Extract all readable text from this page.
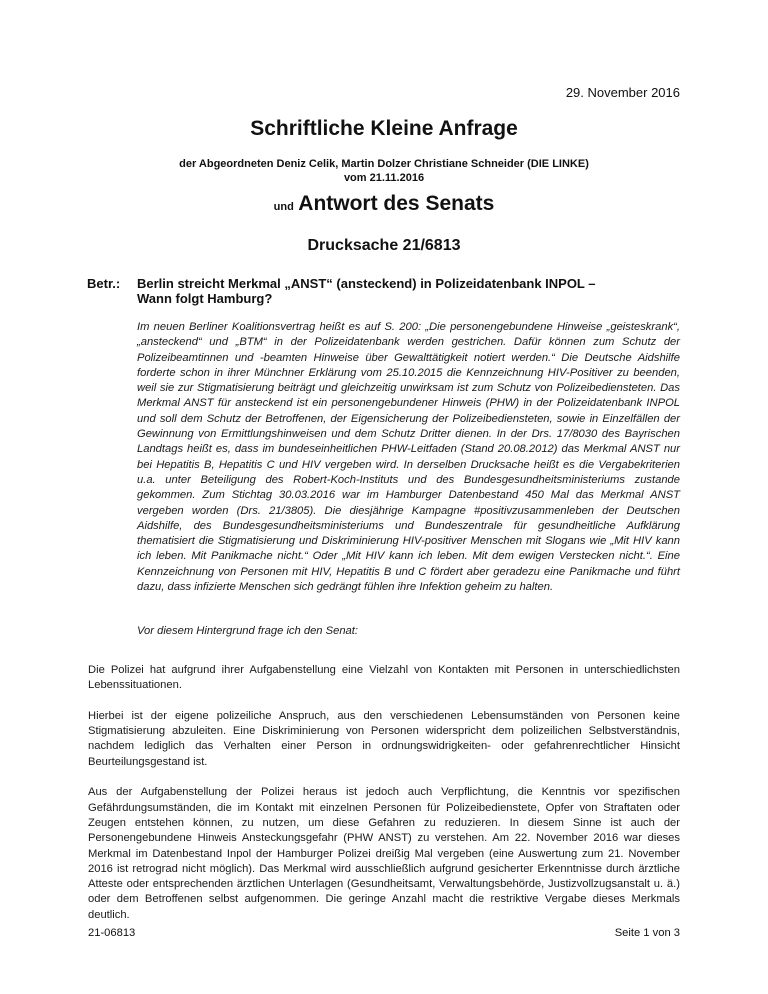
29. November 2016
Schriftliche Kleine Anfrage
der Abgeordneten Deniz Celik, Martin Dolzer Christiane Schneider (DIE LINKE)
vom 21.11.2016
und Antwort des Senats
Drucksache 21/6813
Betr.: Berlin streicht Merkmal „ANST“ (ansteckend) in Polizeidatenbank INPOL –
Wann folgt Hamburg?

Im neuen Berliner Koalitionsvertrag heißt es auf S. 200: „Die personengebundene Hinweise „geisteskrank“, „ansteckend“ und „BTM“ in der Polizeidatenbank werden gestrichen. Dafür können zum Schutz der Polizeibeamtinnen und -beamten Hinweise über Gewalttätigkeit notiert werden.“ Die Deutsche Aidshilfe forderte schon in ihrer Münchner Erklärung vom 25.10.2015 die Kennzeichnung HIV-Positiver zu beenden, weil sie zur Stigmatisierung beiträgt und gleichzeitig unwirksam ist zum Schutz von Polizeibediensteten. Das Merkmal ANST für ansteckend ist ein personengebundener Hinweis (PHW) in der Polizeidatenbank INPOL und soll dem Schutz der Betroffenen, der Eigensicherung der Polizeibediensteten, sowie in Einzelfällen der Gewinnung von Ermittlungshinweisen und dem Schutz Dritter dienen. In der Drs. 17/8030 des Bayrischen Landtags heißt es, dass im bundeseinheitlichen PHW-Leitfaden (Stand 20.08.2012) das Merkmal ANST nur bei Hepatitis B, Hepatitis C und HIV vergeben wird. In derselben Drucksache heißt es die Vergabekriterien u.a. unter Beteiligung des Robert-Koch-Instituts und des Bundesgesundheitsministeriums zustande gekommen. Zum Stichtag 30.03.2016 war im Hamburger Datenbestand 450 Mal das Merkmal ANST vergeben worden (Drs. 21/3805). Die diesjährige Kampagne #positivzusammenleben der Deutschen Aidshilfe, des Bundesgesundheitsministeriums und Bundeszentrale für gesundheitliche Aufklärung thematisiert die Stigmatisierung und Diskriminierung HIV-positiver Menschen mit Slogans wie „Mit HIV kann ich leben. Mit Panikmache nicht.“ Oder „Mit HIV kann ich leben. Mit dem ewigen Verstecken nicht.“. Eine Kennzeichnung von Personen mit HIV, Hepatitis B und C fördert aber geradezu eine Panikmache und führt dazu, dass infizierte Menschen sich gedrängt fühlen ihre Infektion geheim zu halten.

Vor diesem Hintergrund frage ich den Senat:

Die Polizei hat aufgrund ihrer Aufgabenstellung eine Vielzahl von Kontakten mit Personen in unterschiedlichsten Lebenssituationen.

Hierbei ist der eigene polizeiliche Anspruch, aus den verschiedenen Lebensumständen von Personen keine Stigmatisierung abzuleiten. Eine Diskriminierung von Personen widerspricht dem polizeilichen Selbstverständnis, nachdem lediglich das Verhalten einer Person in ordnungswidrigkeiten- oder gefahrenrechtlicher Hinsicht Beurteilungsgestand ist.

Aus der Aufgabenstellung der Polizei heraus ist jedoch auch Verpflichtung, die Kenntnis vor spezifischen Gefährdungsumständen, die im Kontakt mit einzelnen Personen für Polizeibedienstete, Opfer von Straftaten oder Zeugen entstehen können, zu nutzen, um diese Gefahren zu reduzieren. In diesem Sinne ist auch der Personengebundene Hinweis Ansteckungsgefahr (PHW ANST) zu verstehen. Am 22. November 2016 war dieses Merkmal im Datenbestand Inpol der Hamburger Polizei dreißig Mal vergeben (eine Auswertung zum 21. November 2016 ist retrograd nicht möglich). Das Merkmal wird ausschließlich aufgrund gesicherter Erkenntnisse durch ärztliche Atteste oder entsprechenden ärztlichen Unterlagen (Gesundheitsamt, Verwaltungsbehörde, Justizvollzugsanstalt u. ä.) oder dem Betroffenen selbst aufgenommen. Die geringe Anzahl macht die restriktive Vergabe dieses Merkmals deutlich.

21-06813	Seite 1 von 3
